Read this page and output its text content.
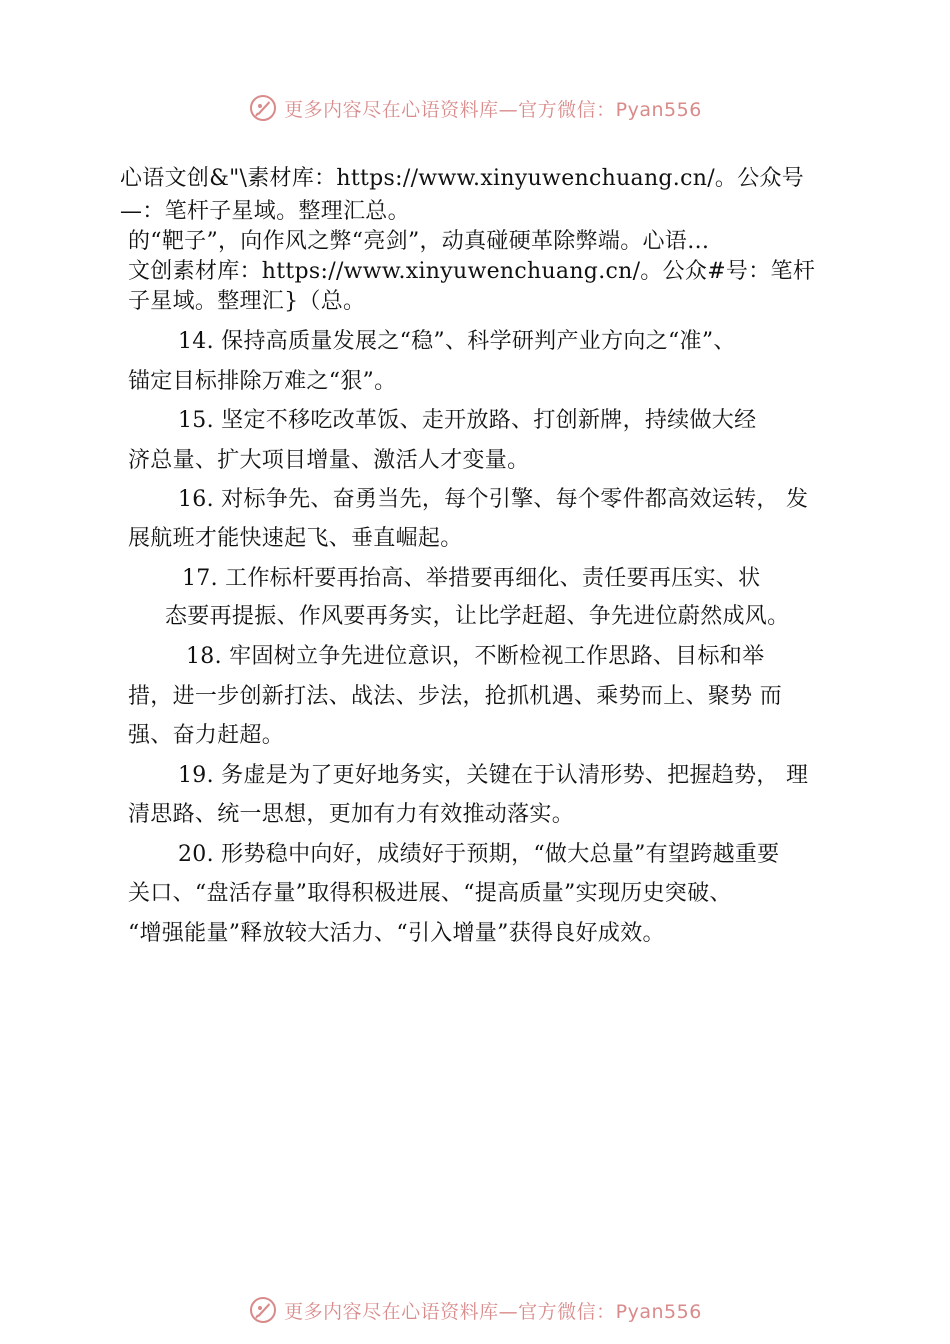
更多内容尽在心语资料库—官方微信：Pyan556
心语文创&"\素材库：https://www.xinyuwenchuang.cn/。公众号
—：笔杆子星域。整理汇总。
的“靶子”，向作风之弊“亮剑”，动真碰硬革除弊端。心语…
文创素材库：https://www.xinyuwenchuang.cn/。公众#号：笔杆
子星域。整理汇}（总。
14. 保持高质量发展之“稳”、科学研判产业方向之“准”、
锚定目标排除万难之“狠”。
15. 坚定不移吃改革饭、走开放路、打创新牌，持续做大经
济总量、扩大项目增量、激活人才变量。
16. 对标争先、奋勇当先，每个引擎、每个零件都高效运转， 发
展航班才能快速起飞、垂直崛起。
17. 工作标杆要再抬高、举措要再细化、责任要再压实、状
态要再提振、作风要再务实，让比学赶超、争先进位蔚然成风。
18. 牢固树立争先进位意识，不断检视工作思路、目标和举
措，进一步创新打法、战法、步法，抢抓机遇、乘势而上、聚势 而
强、奋力赶超。
19. 务虚是为了更好地务实，关键在于认清形势、把握趋势， 理
清思路、统一思想，更加有力有效推动落实。
20. 形势稳中向好，成绩好于预期，“做大总量”有望跨越重要
关口、“盘活存量”取得积极进展、“提高质量”实现历史突破、
“增强能量”释放较大活力、“引入增量”获得良好成效。
更多内容尽在心语资料库—官方微信：Pyan556
